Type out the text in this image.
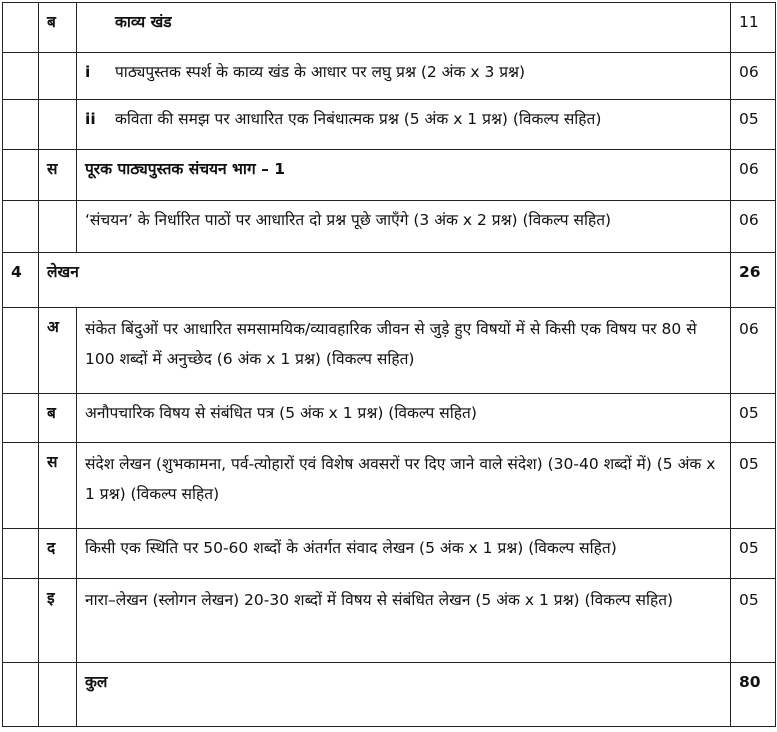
	ब	काव्य खंड	11
		i पाठ्यपुस्तक स्पर्श के काव्य खंड के आधार पर लघु प्रश्न (2 अंक x 3 प्रश्न)	06
		ii कविता की समझ पर आधारित एक निबंधात्मक प्रश्न (5 अंक x 1 प्रश्न) (विकल्प सहित)	05
	स	पूरक पाठ्यपुस्तक संचयन भाग – 1	06
		‘संचयन’ के निर्धारित पाठों पर आधारित दो प्रश्न पूछे जाएँगे (3 अंक x 2 प्रश्न) (विकल्प सहित)	06
4	लेखन		26
	अ	संकेत बिंदुओं पर आधारित समसामयिक/व्यावहारिक जीवन से जुड़े हुए विषयों में से किसी एक विषय पर 80 से 100 शब्दों में अनुच्छेद (6 अंक x 1 प्रश्न) (विकल्प सहित)	06
	ब	अनौपचारिक विषय से संबंधित पत्र (5 अंक x 1 प्रश्न) (विकल्प सहित)	05
	स	संदेश लेखन (शुभकामना, पर्व-त्योहारों एवं विशेष अवसरों पर दिए जाने वाले संदेश) (30-40 शब्दों में) (5 अंक x 1 प्रश्न) (विकल्प सहित)	05
	द	किसी एक स्थिति पर 50-60 शब्दों के अंतर्गत संवाद लेखन (5 अंक x 1 प्रश्न) (विकल्प सहित)	05
	इ	नारा–लेखन (स्लोगन लेखन) 20-30 शब्दों में विषय से संबंधित लेखन (5 अंक x 1 प्रश्न) (विकल्प सहित)	05
		कुल	80
